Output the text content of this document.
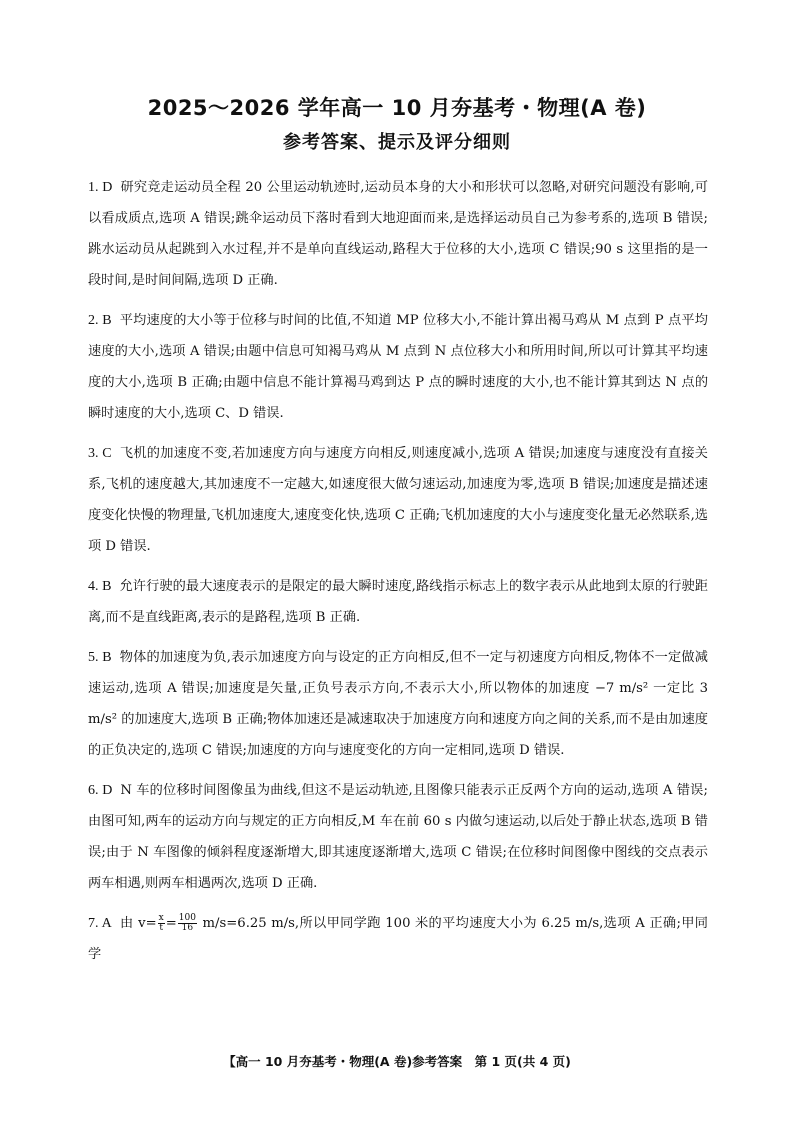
2025～2026 学年高一 10 月夯基考・物理(A 卷)
参考答案、提示及评分细则
1. D 研究竞走运动员全程 20 公里运动轨迹时,运动员本身的大小和形状可以忽略,对研究问题没有影响,可以看成质点,选项 A 错误;跳伞运动员下落时看到大地迎面而来,是选择运动员自己为参考系的,选项 B 错误;跳水运动员从起跳到入水过程,并不是单向直线运动,路程大于位移的大小,选项 C 错误;90 s 这里指的是一段时间,是时间间隔,选项 D 正确.
2. B 平均速度的大小等于位移与时间的比值,不知道 MP 位移大小,不能计算出褐马鸡从 M 点到 P 点平均速度的大小,选项 A 错误;由题中信息可知褐马鸡从 M 点到 N 点位移大小和所用时间,所以可计算其平均速度的大小,选项 B 正确;由题中信息不能计算褐马鸡到达 P 点的瞬时速度的大小,也不能计算其到达 N 点的瞬时速度的大小,选项 C、D 错误.
3. C 飞机的加速度不变,若加速度方向与速度方向相反,则速度减小,选项 A 错误;加速度与速度没有直接关系,飞机的速度越大,其加速度不一定越大,如速度很大做匀速运动,加速度为零,选项 B 错误;加速度是描述速度变化快慢的物理量,飞机加速度大,速度变化快,选项 C 正确;飞机加速度的大小与速度变化量无必然联系,选项 D 错误.
4. B 允许行驶的最大速度表示的是限定的最大瞬时速度,路线指示标志上的数字表示从此地到太原的行驶距离,而不是直线距离,表示的是路程,选项 B 正确.
5. B 物体的加速度为负,表示加速度方向与设定的正方向相反,但不一定与初速度方向相反,物体不一定做减速运动,选项 A 错误;加速度是矢量,正负号表示方向,不表示大小,所以物体的加速度 −7 m/s² 一定比 3 m/s² 的加速度大,选项 B 正确;物体加速还是减速取决于加速度方向和速度方向之间的关系,而不是由加速度的正负决定的,选项 C 错误;加速度的方向与速度变化的方向一定相同,选项 D 错误.
6. D N 车的位移时间图像虽为曲线,但这不是运动轨迹,且图像只能表示正反两个方向的运动,选项 A 错误;由图可知,两车的运动方向与规定的正方向相反,M 车在前 60 s 内做匀速运动,以后处于静止状态,选项 B 错误;由于 N 车图像的倾斜程度逐渐增大,即其速度逐渐增大,选项 C 错误;在位移时间图像中图线的交点表示两车相遇,则两车相遇两次,选项 D 正确.
7. A 由 $v= \frac{x}{t} = \frac{100}{16} m/s=6.25$ m/s,所以甲同学跑 100 米的平均速度大小为 6.25 m/s,选项 A 正确;甲同学
【高一 10 月夯基考・物理(A 卷)参考答案　第 1 页(共 4 页)
